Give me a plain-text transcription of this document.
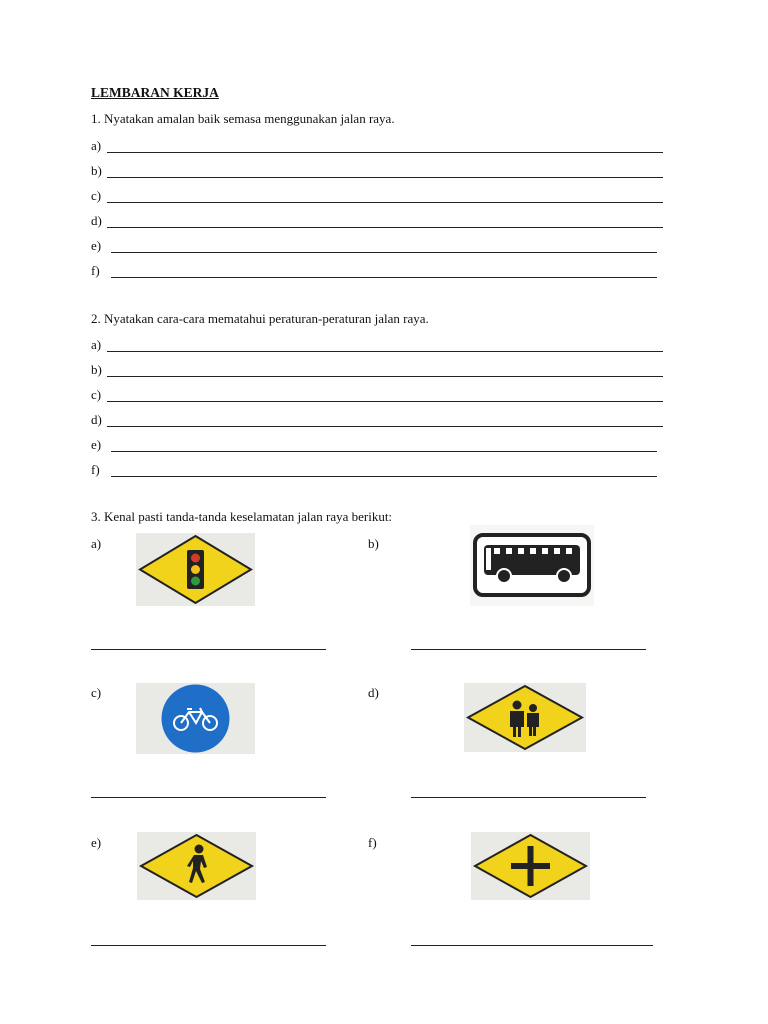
LEMBARAN KERJA
1. Nyatakan amalan baik semasa menggunakan jalan raya.
a)
b)
c)
d)
e)
f)
2. Nyatakan cara-cara mematahui peraturan-peraturan jalan raya.
a)
b)
c)
d)
e)
f)
3. Kenal pasti tanda-tanda keselamatan jalan raya berikut:
a)	b)
c)	d)
e)	f)
